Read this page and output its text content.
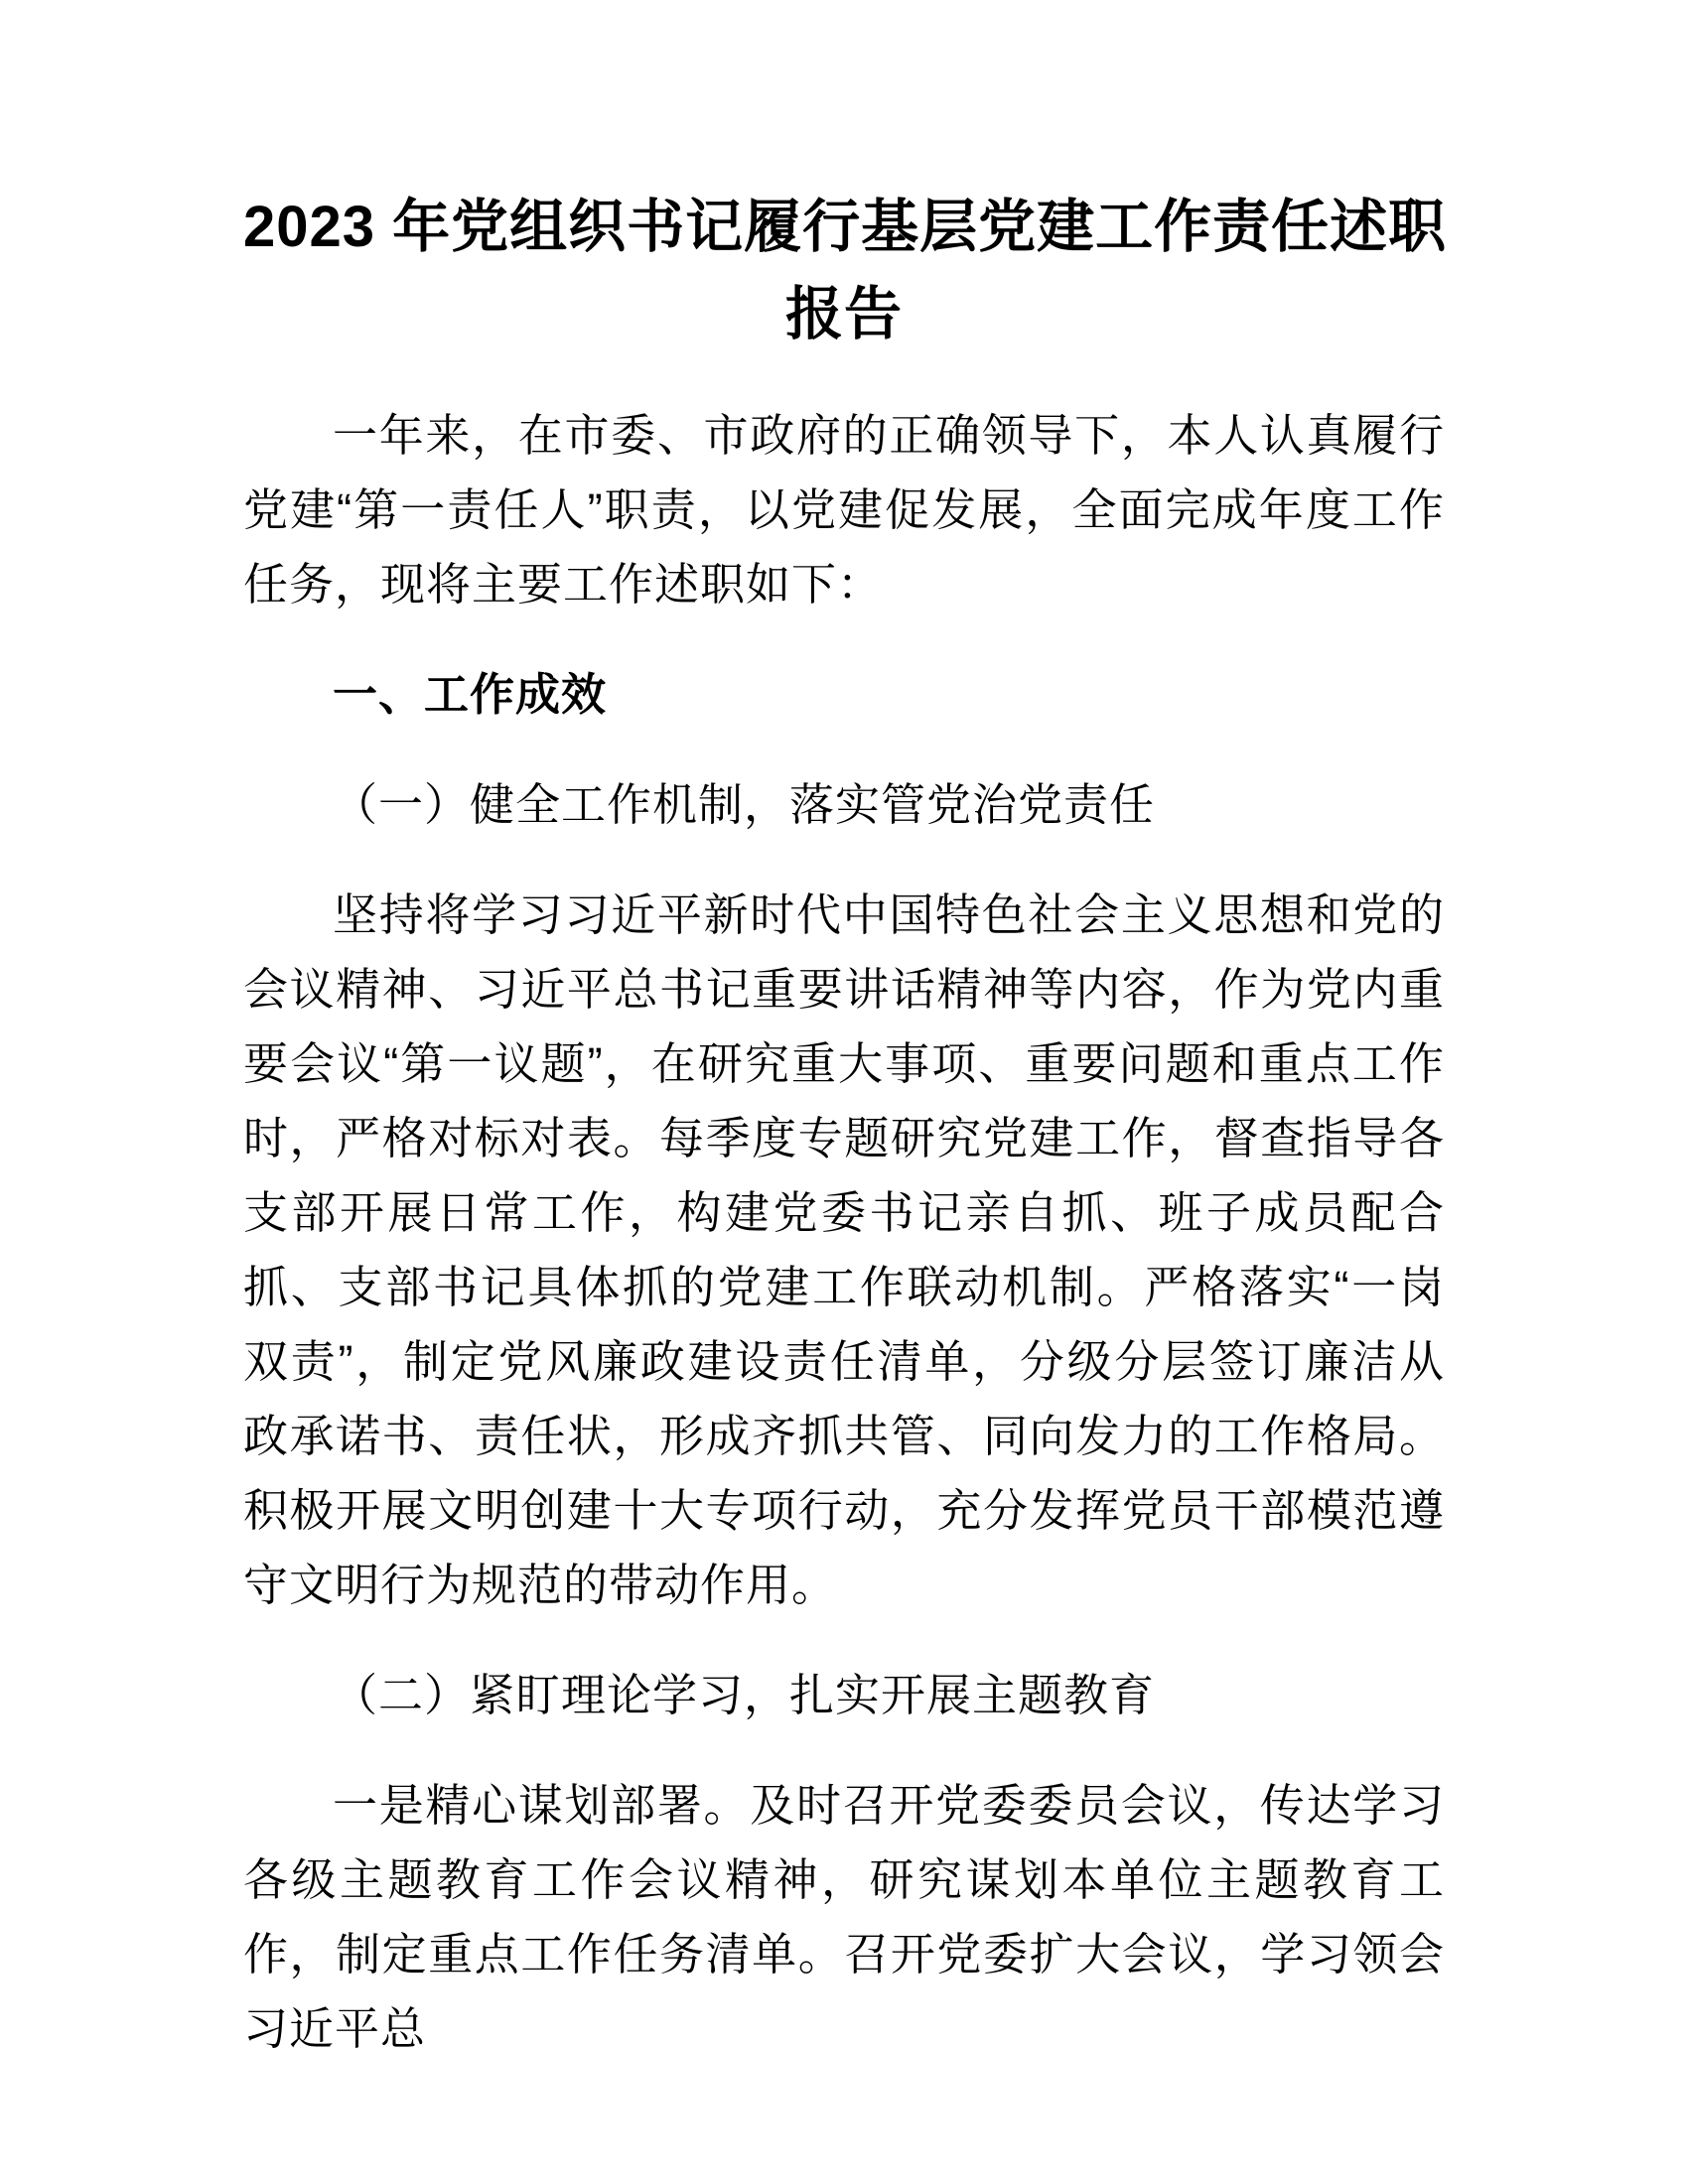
2023 年党组织书记履行基层党建工作责任述职
报告

一年来，在市委、市政府的正确领导下，本人认真履行党建“第一责任人”职责，以党建促发展，全面完成年度工作任务，现将主要工作述职如下：

一、工作成效

（一）健全工作机制，落实管党治党责任

坚持将学习习近平新时代中国特色社会主义思想和党的会议精神、习近平总书记重要讲话精神等内容，作为党内重要会议“第一议题”，在研究重大事项、重要问题和重点工作时，严格对标对表。每季度专题研究党建工作，督查指导各支部开展日常工作，构建党委书记亲自抓、班子成员配合抓、支部书记具体抓的党建工作联动机制。严格落实“一岗双责”，制定党风廉政建设责任清单，分级分层签订廉洁从政承诺书、责任状，形成齐抓共管、同向发力的工作格局。积极开展文明创建十大专项行动，充分发挥党员干部模范遵守文明行为规范的带动作用。

（二）紧盯理论学习，扎实开展主题教育

一是精心谋划部署。及时召开党委委员会议，传达学习各级主题教育工作会议精神，研究谋划本单位主题教育工作，制定重点工作任务清单。召开党委扩大会议，学习领会习近平总
